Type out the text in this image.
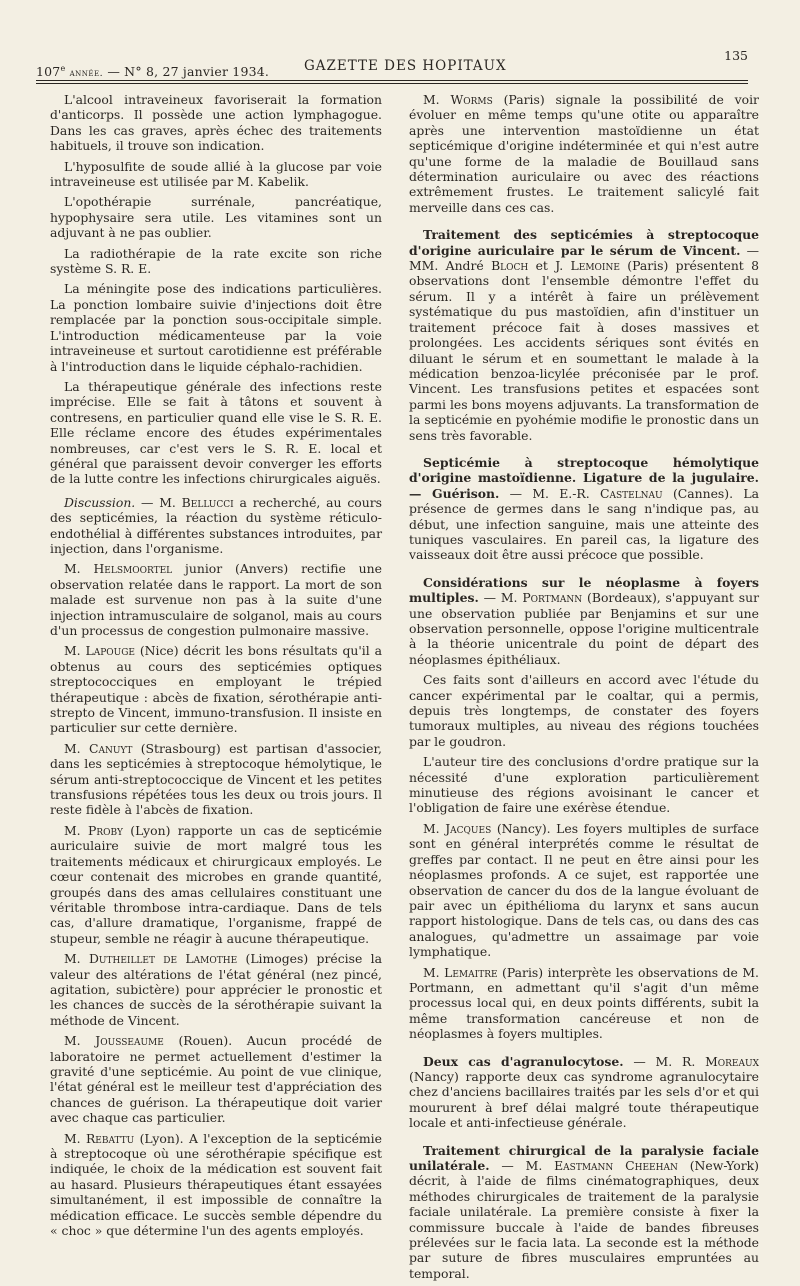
107e année. — N° 8, 27 janvier 1934.	GAZETTE DES HOPITAUX
135

L'alcool intraveineux favoriserait la formation d'anticorps. Il possède une action lymphagogue. Dans les cas graves, après échec des traitements habituels, il trouve son indication.

L'hyposulfite de soude allié à la glucose par voie intraveineuse est utilisée par M. Kabelik.

L'opothérapie surrénale, pancréatique, hypophysaire sera utile. Les vitamines sont un adjuvant à ne pas oublier.

La radiothérapie de la rate excite son riche système S. R. E.

La méningite pose des indications particulières. La ponction lombaire suivie d'injections doit être remplacée par la ponction sous-occipitale simple. L'introduction médicamenteuse par la voie intraveineuse et surtout carotidienne est préférable à l'introduction dans le liquide céphalo-rachidien.

La thérapeutique générale des infections reste imprécise. Elle se fait à tâtons et souvent à contresens, en particulier quand elle vise le S. R. E. Elle réclame encore des études expérimentales nombreuses, car c'est vers le S. R. E. local et général que paraissent devoir converger les efforts de la lutte contre les infections chirurgicales aiguës.

Discussion. — M. Bellucci a recherché, au cours des septicémies, la réaction du système réticulo-endothélial à différentes substances introduites, par injection, dans l'organisme.

M. Helsmoortel junior (Anvers) rectifie une observation relatée dans le rapport. La mort de son malade est survenue non pas à la suite d'une injection intramusculaire de solganol, mais au cours d'un processus de congestion pulmonaire massive.

M. Lapouge (Nice) décrit les bons résultats qu'il a obtenus au cours des septicémies optiques streptococciques en employant le trépied thérapeutique : abcès de fixation, sérothérapie anti-strepto de Vincent, immuno-transfusion. Il insiste en particulier sur cette dernière.

M. Canuyt (Strasbourg) est partisan d'associer, dans les septicémies à streptocoque hémolytique, le sérum anti-streptococcique de Vincent et les petites transfusions répétées tous les deux ou trois jours. Il reste fidèle à l'abcès de fixation.

M. Proby (Lyon) rapporte un cas de septicémie auriculaire suivie de mort malgré tous les traitements médicaux et chirurgicaux employés. Le cœur contenait des microbes en grande quantité, groupés dans des amas cellulaires constituant une véritable thrombose intra-cardiaque. Dans de tels cas, d'allure dramatique, l'organisme, frappé de stupeur, semble ne réagir à aucune thérapeutique.

M. Dutheillet de Lamothe (Limoges) précise la valeur des altérations de l'état général (nez pincé, agitation, subictère) pour apprécier le pronostic et les chances de succès de la sérothérapie suivant la méthode de Vincent.

M. Jousseaume (Rouen). Aucun procédé de laboratoire ne permet actuellement d'estimer la gravité d'une septicémie. Au point de vue clinique, l'état général est le meilleur test d'appréciation des chances de guérison. La thérapeutique doit varier avec chaque cas particulier.

M. Rebattu (Lyon). A l'exception de la septicémie à streptocoque où une sérothérapie spécifique est indiquée, le choix de la médication est souvent fait au hasard. Plusieurs thérapeutiques étant essayées simultanément, il est impossible de connaître la médication efficace. Le succès semble dépendre du « choc » que détermine l'un des agents employés.

M. Worms (Paris) signale la possibilité de voir évoluer en même temps qu'une otite ou apparaître après une intervention mastoïdienne un état septicémique d'origine indéterminée et qui n'est autre qu'une forme de la maladie de Bouillaud sans détermination auriculaire ou avec des réactions extrêmement frustes. Le traitement salicylé fait merveille dans ces cas.

Traitement des septicémies à streptocoque d'origine auriculaire par le sérum de Vincent. — MM. André Bloch et J. Lemoine (Paris) présentent 8 observations dont l'ensemble démontre l'effet du sérum. Il y a intérêt à faire un prélèvement systématique du pus mastoïdien, afin d'instituer un traitement précoce fait à doses massives et prolongées. Les accidents sériques sont évités en diluant le sérum et en soumettant le malade à la médication benzoa-licylée préconisée par le prof. Vincent. Les transfusions petites et espacées sont parmi les bons moyens adjuvants. La transformation de la septicémie en pyohémie modifie le pronostic dans un sens très favorable.

Septicémie à streptocoque hémolytique d'origine mastoïdienne. Ligature de la jugulaire. — Guérison. — M. E.-R. Castelnau (Cannes). La présence de germes dans le sang n'indique pas, au début, une infection sanguine, mais une atteinte des tuniques vasculaires. En pareil cas, la ligature des vaisseaux doit être aussi précoce que possible.

Considérations sur le néoplasme à foyers multiples. — M. Portmann (Bordeaux), s'appuyant sur une observation publiée par Benjamins et sur une observation personnelle, oppose l'origine multicentrale à la théorie unicentrale du point de départ des néoplasmes épithéliaux.

Ces faits sont d'ailleurs en accord avec l'étude du cancer expérimental par le coaltar, qui a permis, depuis très longtemps, de constater des foyers tumoraux multiples, au niveau des régions touchées par le goudron.

L'auteur tire des conclusions d'ordre pratique sur la nécessité d'une exploration particulièrement minutieuse des régions avoisinant le cancer et l'obligation de faire une exérèse étendue.

M. Jacques (Nancy). Les foyers multiples de surface sont en général interprétés comme le résultat de greffes par contact. Il ne peut en être ainsi pour les néoplasmes profonds. A ce sujet, est rapportée une observation de cancer du dos de la langue évoluant de pair avec un épithélioma du larynx et sans aucun rapport histologique. Dans de tels cas, ou dans des cas analogues, qu'admettre un assaimage par voie lymphatique.

M. Lemaitre (Paris) interprète les observations de M. Portmann, en admettant qu'il s'agit d'un même processus local qui, en deux points différents, subit la même transformation cancéreuse et non de néoplasmes à foyers multiples.

Deux cas d'agranulocytose. — M. R. Moreaux (Nancy) rapporte deux cas syndrome agranulocytaire chez d'anciens bacillaires traités par les sels d'or et qui moururent à bref délai malgré toute thérapeutique locale et anti-infectieuse générale.

Traitement chirurgical de la paralysie faciale unilatérale. — M. Eastmann Cheehan (New-York) décrit, à l'aide de films cinématographiques, deux méthodes chirurgicales de traitement de la paralysie faciale unilatérale. La première consiste à fixer la commissure buccale à l'aide de bandes fibreuses prélevées sur le facia lata. La seconde est la méthode par suture de fibres musculaires empruntées au temporal.
